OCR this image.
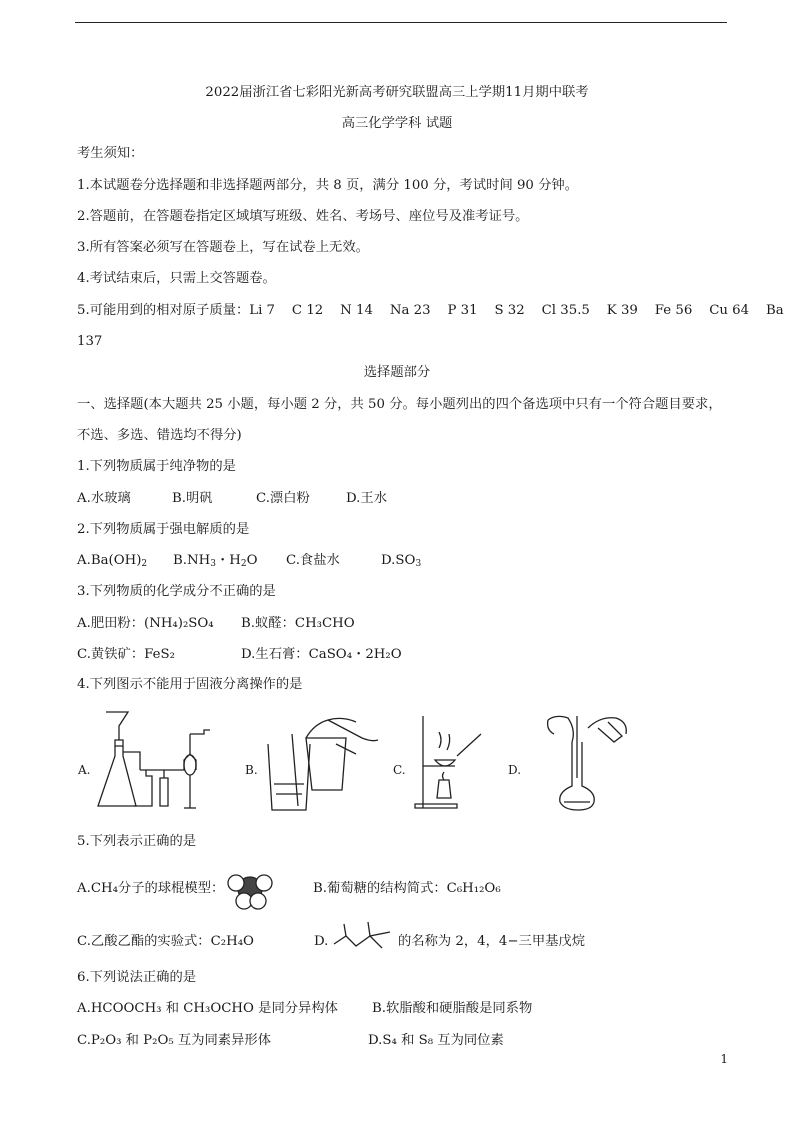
2022届浙江省七彩阳光新高考研究联盟高三上学期11月期中联考
高三化学学科 试题
考生须知：
1.本试题卷分选择题和非选择题两部分，共 8 页，满分 100 分，考试时间 90 分钟。
2.答题前，在答题卷指定区域填写班级、姓名、考场号、座位号及准考证号。
3.所有答案必须写在答题卷上，写在试卷上无效。
4.考试结束后，只需上交答题卷。
5.可能用到的相对原子质量：Li 7    C 12    N 14    Na 23    P 31    S 32    Cl 35.5    K 39    Fe 56    Cu 64    Ba
137
选择题部分
一、选择题(本大题共 25 小题，每小题 2 分，共 50 分。每小题列出的四个备选项中只有一个符合题目要求，
不选、多选、错选均不得分)
1.下列物质属于纯净物的是
A.水玻璃	B.明矾	C.漂白粉	D.王水
2.下列物质属于强电解质的是
$A.Ba(OH)_2$ $B.NH_3$・$H_2O$ C.食盐水	$D.SO_3$
3.下列物质的化学成分不正确的是
A.肥田粉：(NH₄)₂SO₄ B.蚁醛：CH₃CHO
C.黄铁矿：FeS₂	D.生石膏：CaSO₄・2H₂O
4.下列图示不能用于固液分离操作的是
A.	B.	C.	D.
5.下列表示正确的是
A.CH₄分子的球棍模型：	B.葡萄糖的结构简式：C₆H₁₂O₆
C.乙酸乙酯的实验式：C₂H₄O	D.	的名称为 2，4，4−三甲基戊烷
6.下列说法正确的是
A.HCOOCH₃ 和 CH₃OCHO 是同分异构体	B.软脂酸和硬脂酸是同系物
C.P₂O₃ 和 P₂O₅ 互为同素异形体	D.S₄ 和 S₈ 互为同位素
1
